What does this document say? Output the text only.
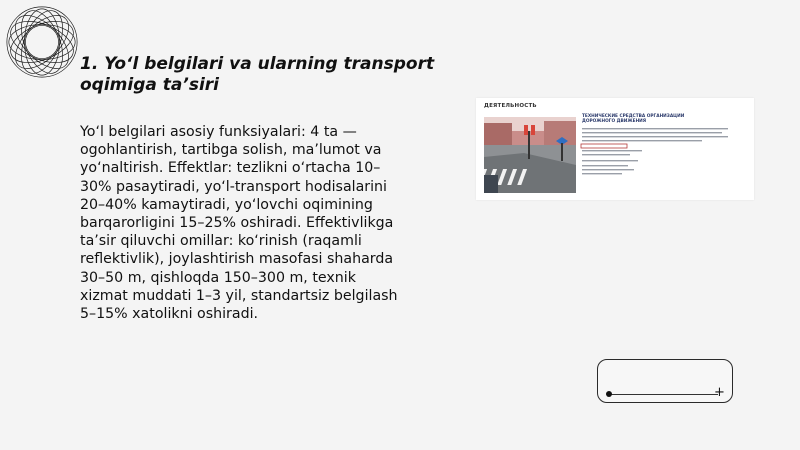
1. Yo‘l belgilari va ularning transport oqimiga ta’siri

Yo‘l belgilari asosiy funksiyalari: 4 ta — ogohlantirish, tartibga solish, ma’lumot va yo‘naltirish. Effektlar: tezlikni o‘rtacha 10–30% pasaytiradi, yo‘l-transport hodisalarini 20–40% kamaytiradi, yo‘lovchi oqimining barqarorligini 15–25% oshiradi. Effektivlikga ta’sir qiluvchi omillar: ko‘rinish (raqamli reflektivlik), joylashtirish masofasi shaharda 30–50 m, qishloqda 150–300 m, texnik xizmat muddati 1–3 yil, standartsiz belgilash 5–15% xatolikni oshiradi.

ДЕЯТЕЛЬНОСТЬ
ТЕХНИЧЕСКИЕ СРЕДСТВА ОРГАНИЗАЦИИ ДОРОЖНОГО ДВИЖЕНИЯ
+
